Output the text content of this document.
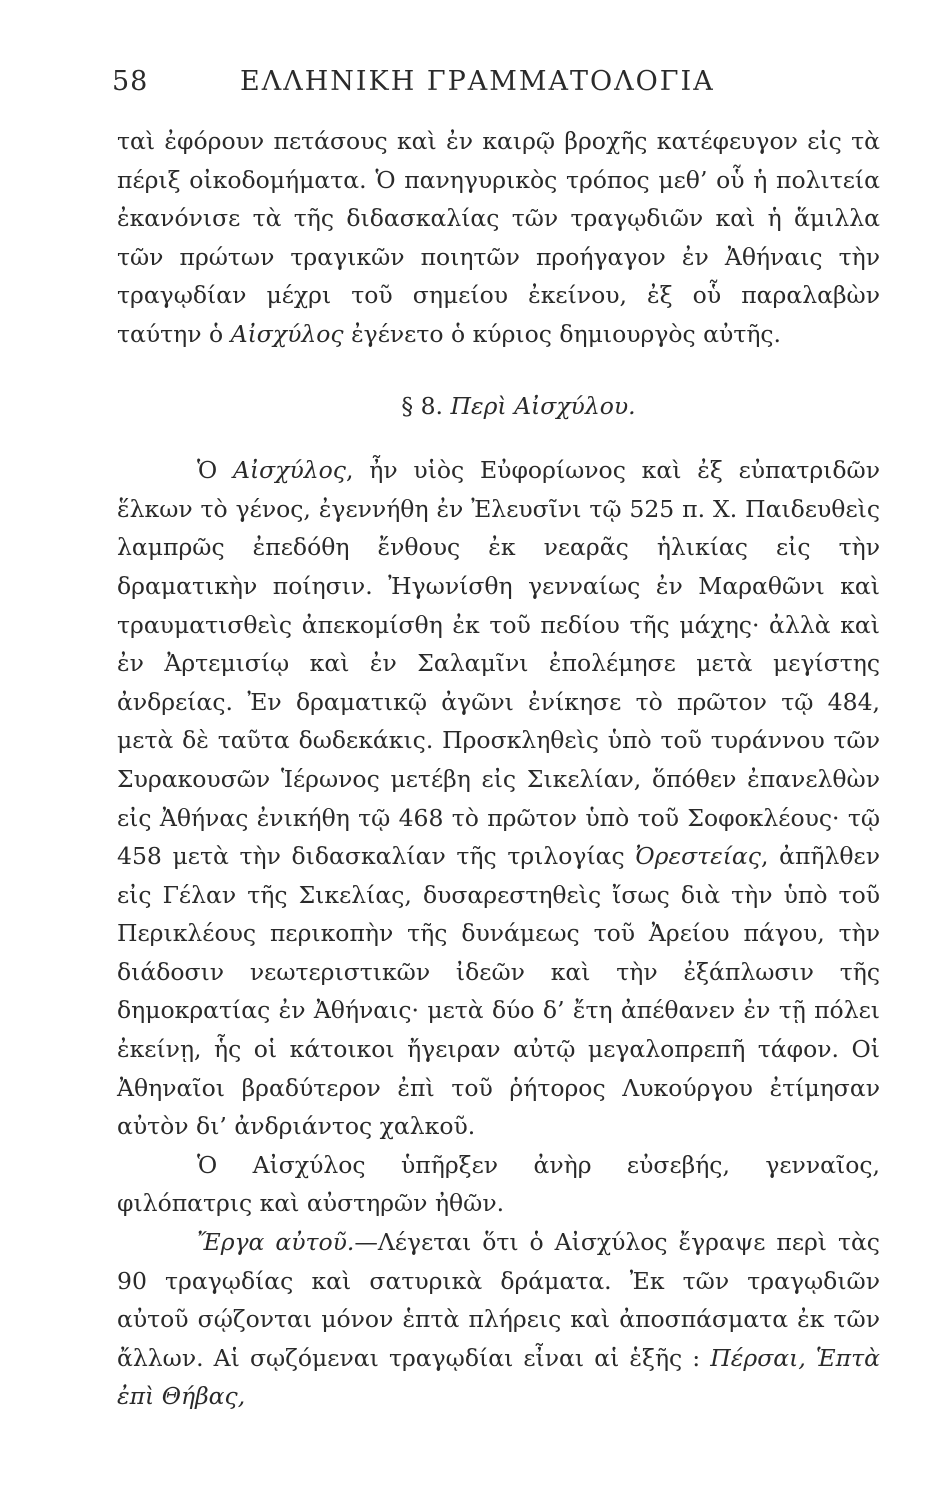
58	ΕΛΛΗΝΙΚΗ ΓΡΑΜΜΑΤΟΛΟΓΙΑ

ταὶ ἐφόρουν πετάσους καὶ ἐν καιρῷ βροχῆς κατέφευγον εἰς τὰ πέριξ οἰκοδομήματα. Ὁ πανηγυρικὸς τρόπος μεθ’ οὗ ἡ πολιτεία ἐκανόνισε τὰ τῆς διδασκαλίας τῶν τραγῳδιῶν καὶ ἡ ἅμιλλα τῶν πρώτων τραγικῶν ποιητῶν προήγαγον ἐν Ἀθήναις τὴν τραγῳδίαν μέχρι τοῦ σημείου ἐκείνου, ἐξ οὗ παραλαβὼν ταύτην ὁ Αἰσχύλος ἐγένετο ὁ κύριος δημιουργὸς αὐτῆς.

§ 8. Περὶ Αἰσχύλου.

Ὁ Αἰσχύλος, ἦν υἱὸς Εὐφορίωνος καὶ ἐξ εὐπατριδῶν ἕλκων τὸ γένος, ἐγεννήθη ἐν Ἐλευσῖνι τῷ 525 π. Χ. Παιδευθεὶς λαμπρῶς ἐπεδόθη ἔνθους ἐκ νεαρᾶς ἡλικίας εἰς τὴν δραματικὴν ποίησιν. Ἠγωνίσθη γενναίως ἐν Μαραθῶνι καὶ τραυματισθεὶς ἀπεκομίσθη ἐκ τοῦ πεδίου τῆς μάχης· ἀλλὰ καὶ ἐν Ἀρτεμισίῳ καὶ ἐν Σαλαμῖνι ἐπολέμησε μετὰ μεγίστης ἀνδρείας. Ἐν δραματικῷ ἀγῶνι ἐνίκησε τὸ πρῶτον τῷ 484, μετὰ δὲ ταῦτα δωδεκάκις. Προσκληθεὶς ὑπὸ τοῦ τυράννου τῶν Συρακουσῶν Ἱέρωνος μετέβη εἰς Σικελίαν, ὅπόθεν ἐπανελθὼν εἰς Ἀθήνας ἐνικήθη τῷ 468 τὸ πρῶτον ὑπὸ τοῦ Σοφοκλέους· τῷ 458 μετὰ τὴν διδασκαλίαν τῆς τριλογίας Ὀρεστείας, ἀπῆλθεν εἰς Γέλαν τῆς Σικελίας, δυσαρεστηθεὶς ἴσως διὰ τὴν ὑπὸ τοῦ Περικλέους περικοπὴν τῆς δυνάμεως τοῦ Ἀρείου πάγου, τὴν διάδοσιν νεωτεριστικῶν ἰδεῶν καὶ τὴν ἐξάπλωσιν τῆς δημοκρατίας ἐν Ἀθήναις· μετὰ δύο δ’ ἔτη ἀπέθανεν ἐν τῇ πόλει ἐκείνῃ, ἧς οἱ κάτοικοι ἤγειραν αὐτῷ μεγαλοπρεπῆ τάφον. Οἱ Ἀθηναῖοι βραδύτερον ἐπὶ τοῦ ῥήτορος Λυκούργου ἐτίμησαν αὐτὸν δι’ ἀνδριάντος χαλκοῦ.

Ὁ Αἰσχύλος ὑπῆρξεν ἀνὴρ εὐσεβής, γενναῖος, φιλόπατρις καὶ αὐστηρῶν ἠθῶν.

Ἔργα αὐτοῦ.—Λέγεται ὅτι ὁ Αἰσχύλος ἔγραψε περὶ τὰς 90 τραγῳδίας καὶ σατυρικὰ δράματα. Ἐκ τῶν τραγῳδιῶν αὐτοῦ σῴζονται μόνον ἑπτὰ πλήρεις καὶ ἀποσπάσματα ἐκ τῶν ἄλλων. Αἱ σῳζόμεναι τραγῳδίαι εἶναι αἱ ἑξῆς : Πέρσαι, Ἑπτὰ ἐπὶ Θήβας,
